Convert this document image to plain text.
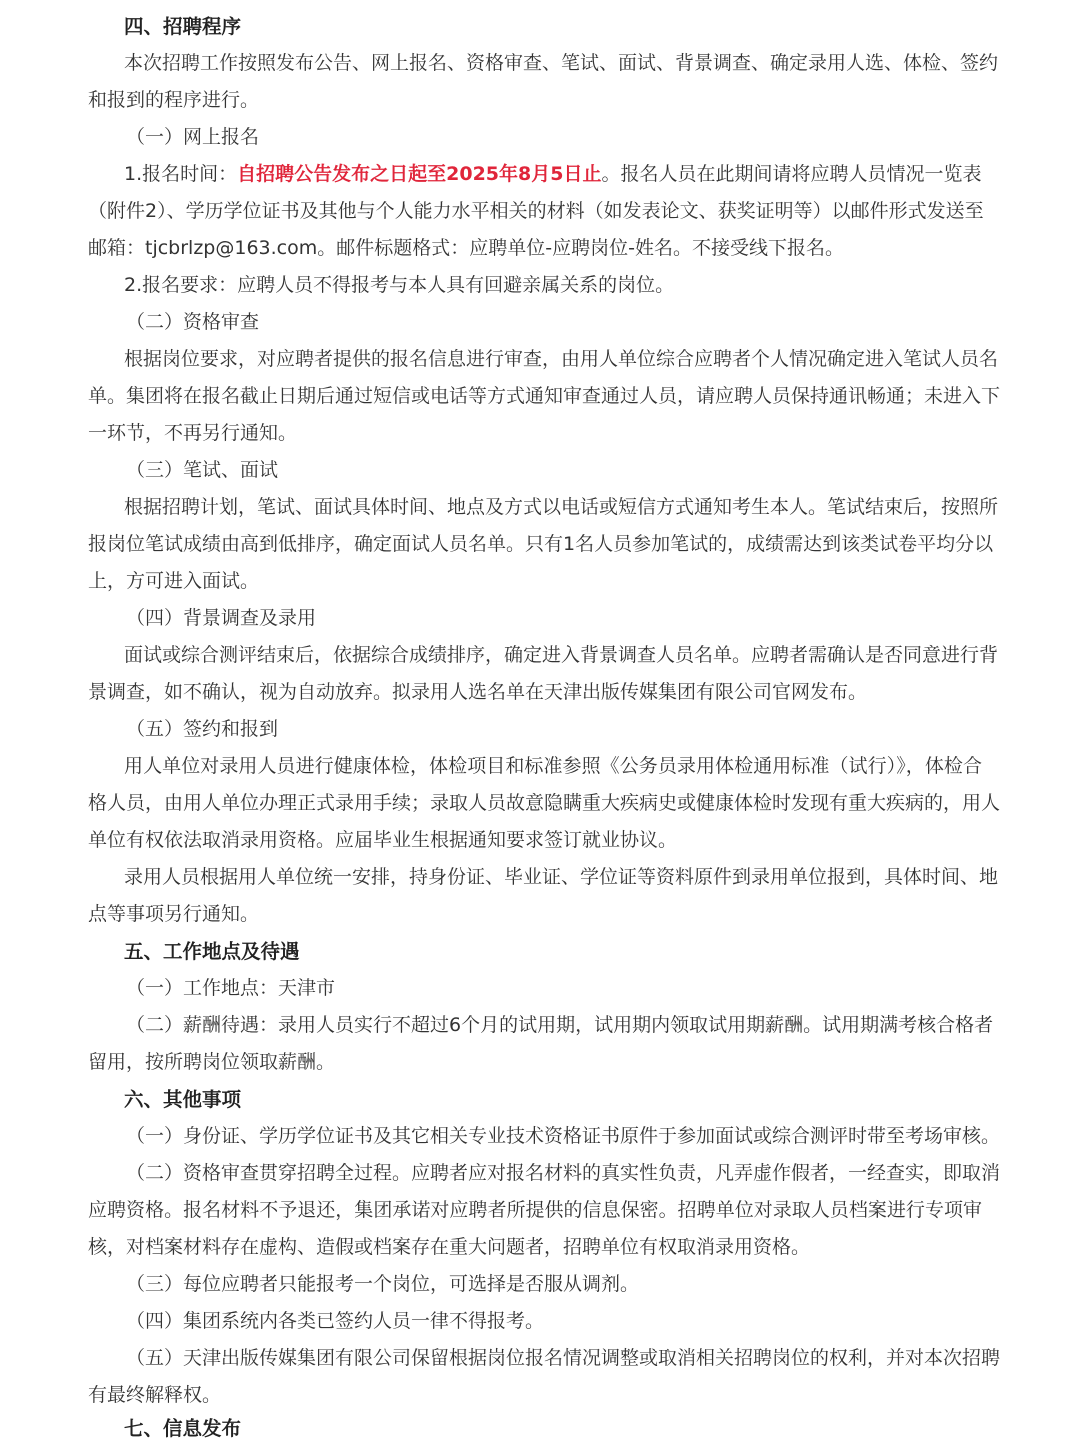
四、招聘程序
本次招聘工作按照发布公告、网上报名、资格审查、笔试、面试、背景调查、确定录用人选、体检、签约
和报到的程序进行。
（一）网上报名
1.报名时间：自招聘公告发布之日起至2025年8月5日止。报名人员在此期间请将应聘人员情况一览表
（附件2）、学历学位证书及其他与个人能力水平相关的材料（如发表论文、获奖证明等）以邮件形式发送至
邮箱：tjcbrlzp@163.com。邮件标题格式：应聘单位-应聘岗位-姓名。不接受线下报名。
2.报名要求：应聘人员不得报考与本人具有回避亲属关系的岗位。
（二）资格审查
根据岗位要求，对应聘者提供的报名信息进行审查，由用人单位综合应聘者个人情况确定进入笔试人员名
单。集团将在报名截止日期后通过短信或电话等方式通知审查通过人员，请应聘人员保持通讯畅通；未进入下
一环节，不再另行通知。
（三）笔试、面试
根据招聘计划，笔试、面试具体时间、地点及方式以电话或短信方式通知考生本人。笔试结束后，按照所
报岗位笔试成绩由高到低排序，确定面试人员名单。只有1名人员参加笔试的，成绩需达到该类试卷平均分以
上，方可进入面试。
（四）背景调查及录用
面试或综合测评结束后，依据综合成绩排序，确定进入背景调查人员名单。应聘者需确认是否同意进行背
景调查，如不确认，视为自动放弃。拟录用人选名单在天津出版传媒集团有限公司官网发布。
（五）签约和报到
用人单位对录用人员进行健康体检，体检项目和标准参照《公务员录用体检通用标准（试行）》，体检合
格人员，由用人单位办理正式录用手续；录取人员故意隐瞒重大疾病史或健康体检时发现有重大疾病的，用人
单位有权依法取消录用资格。应届毕业生根据通知要求签订就业协议。
录用人员根据用人单位统一安排，持身份证、毕业证、学位证等资料原件到录用单位报到，具体时间、地
点等事项另行通知。
五、工作地点及待遇
（一）工作地点：天津市
（二）薪酬待遇：录用人员实行不超过6个月的试用期，试用期内领取试用期薪酬。试用期满考核合格者
留用，按所聘岗位领取薪酬。
六、其他事项
（一）身份证、学历学位证书及其它相关专业技术资格证书原件于参加面试或综合测评时带至考场审核。
（二）资格审查贯穿招聘全过程。应聘者应对报名材料的真实性负责，凡弄虚作假者，一经查实，即取消
应聘资格。报名材料不予退还，集团承诺对应聘者所提供的信息保密。招聘单位对录取人员档案进行专项审
核，对档案材料存在虚构、造假或档案存在重大问题者，招聘单位有权取消录用资格。
（三）每位应聘者只能报考一个岗位，可选择是否服从调剂。
（四）集团系统内各类已签约人员一律不得报考。
（五）天津出版传媒集团有限公司保留根据岗位报名情况调整或取消相关招聘岗位的权利，并对本次招聘
有最终解释权。
七、信息发布
